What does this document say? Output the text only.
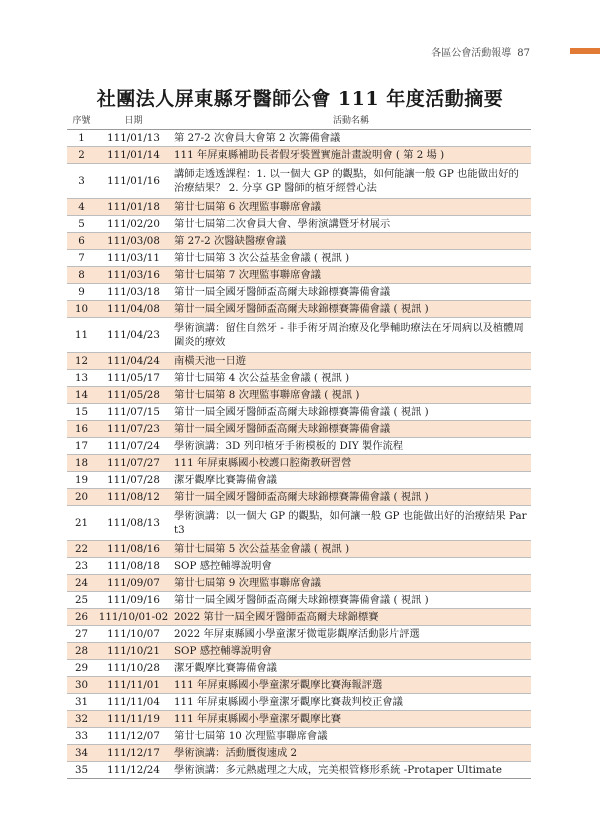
各區公會活動報導 87
社團法人屏東縣牙醫師公會 111 年度活動摘要
序號	日期	活動名稱
1	111/01/13	第 27-2 次會員大會第 2 次籌備會議
2	111/01/14	111 年屏東縣補助長者假牙裝置實施計畫說明會 ( 第 2 場 )
3	111/01/16	講師走透透課程：1. 以一個大 GP 的觀點，如何能讓一般 GP 也能做出好的治療結果？ 2. 分享 GP 醫師的植牙經營心法
4	111/01/18	第廿七屆第 6 次理監事聯席會議
5	111/02/20	第廿七屆第二次會員大會、學術演講暨牙材展示
6	111/03/08	第 27-2 次醫缺醫療會議
7	111/03/11	第廿七屆第 3 次公益基金會議 ( 視訊 )
8	111/03/16	第廿七屆第 7 次理監事聯席會議
9	111/03/18	第廿一屆全國牙醫師盃高爾夫球錦標賽籌備會議
10	111/04/08	第廿一屆全國牙醫師盃高爾夫球錦標賽籌備會議 ( 視訊 )
11	111/04/23	學術演講：留住自然牙 - 非手術牙周治療及化學輔助療法在牙周病以及植體周圍炎的療效
12	111/04/24	南橫天池一日遊
13	111/05/17	第廿七屆第 4 次公益基金會議 ( 視訊 )
14	111/05/28	第廿七屆第 8 次理監事聯席會議 ( 視訊 )
15	111/07/15	第廿一屆全國牙醫師盃高爾夫球錦標賽籌備會議 ( 視訊 )
16	111/07/23	第廿一屆全國牙醫師盃高爾夫球錦標賽籌備會議
17	111/07/24	學術演講：3D 列印植牙手術模板的 DIY 製作流程
18	111/07/27	111 年屏東縣國小校護口腔衛教研習營
19	111/07/28	潔牙觀摩比賽籌備會議
20	111/08/12	第廿一屆全國牙醫師盃高爾夫球錦標賽籌備會議 ( 視訊 )
21	111/08/13	學術演講：以一個大 GP 的觀點，如何讓一般 GP 也能做出好的治療結果 Part3
22	111/08/16	第廿七屆第 5 次公益基金會議 ( 視訊 )
23	111/08/18	SOP 感控輔導說明會
24	111/09/07	第廿七屆第 9 次理監事聯席會議
25	111/09/16	第廿一屆全國牙醫師盃高爾夫球錦標賽籌備會議 ( 視訊 )
26	111/10/01-02	2022 第廿一屆全國牙醫師盃高爾夫球錦標賽
27	111/10/07	2022 年屏東縣國小學童潔牙微電影觀摩活動影片評選
28	111/10/21	SOP 感控輔導說明會
29	111/10/28	潔牙觀摩比賽籌備會議
30	111/11/01	111 年屏東縣國小學童潔牙觀摩比賽海報評選
31	111/11/04	111 年屏東縣國小學童潔牙觀摩比賽裁判校正會議
32	111/11/19	111 年屏東縣國小學童潔牙觀摩比賽
33	111/12/07	第廿七屆第 10 次理監事聯席會議
34	111/12/17	學術演講：活動贋復速成 2
35	111/12/24	學術演講：多元熱處理之大成，完美根管修形系統 -Protaper Ultimate
